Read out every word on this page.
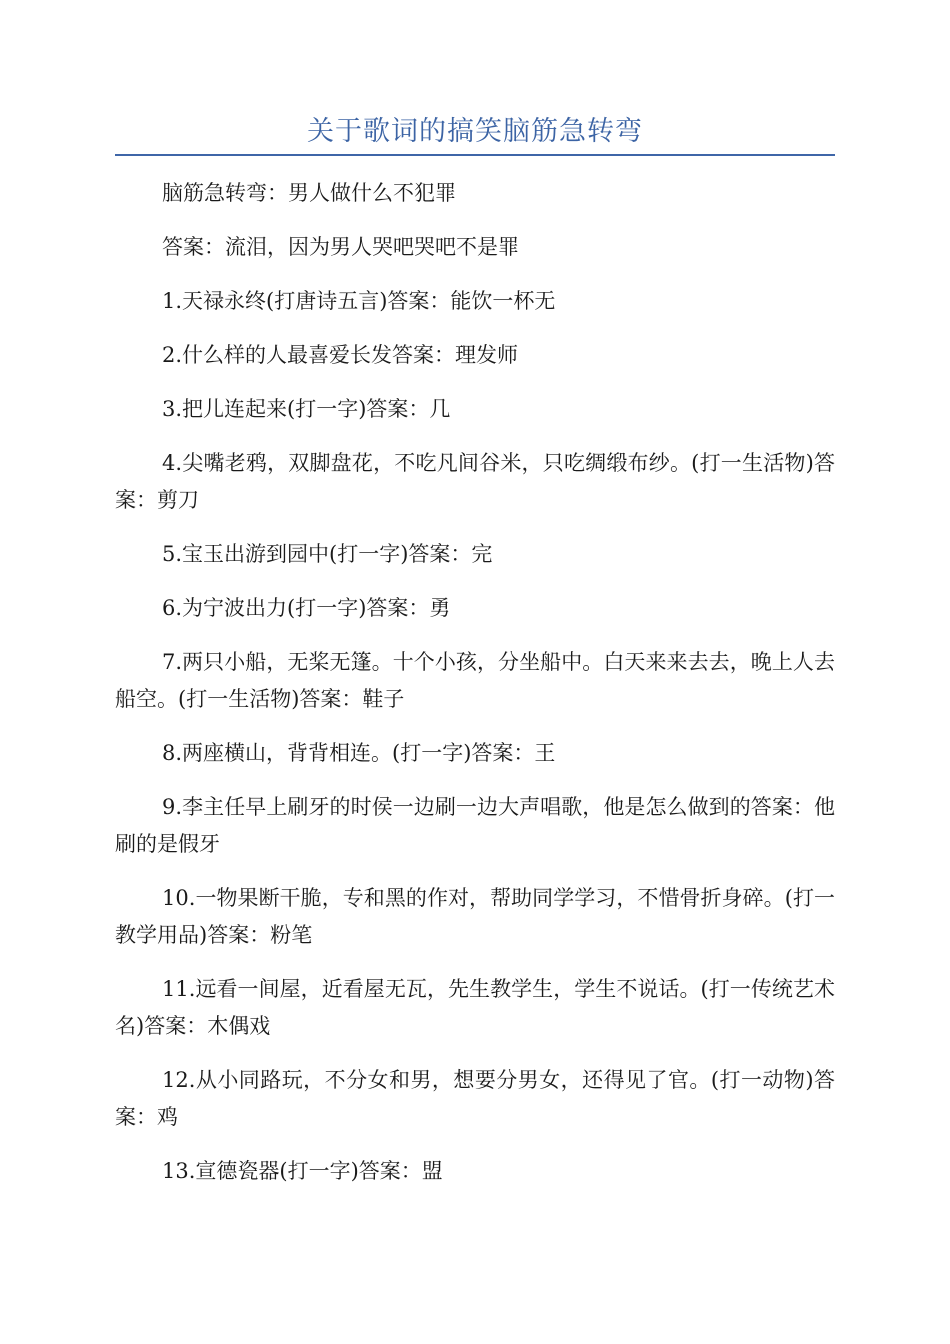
关于歌词的搞笑脑筋急转弯

脑筋急转弯：男人做什么不犯罪

答案：流泪，因为男人哭吧哭吧不是罪

1.天禄永终(打唐诗五言)答案：能饮一杯无

2.什么样的人最喜爱长发答案：理发师

3.把儿连起来(打一字)答案：几

4.尖嘴老鸦，双脚盘花，不吃凡间谷米，只吃绸缎布纱。(打一生活物)答案：剪刀

5.宝玉出游到园中(打一字)答案：完

6.为宁波出力(打一字)答案：勇

7.两只小船，无桨无篷。十个小孩，分坐船中。白天来来去去，晚上人去船空。(打一生活物)答案：鞋子

8.两座横山，背背相连。(打一字)答案：王

9.李主任早上刷牙的时侯一边刷一边大声唱歌，他是怎么做到的答案：他刷的是假牙

10.一物果断干脆，专和黑的作对，帮助同学学习，不惜骨折身碎。(打一教学用品)答案：粉笔

11.远看一间屋，近看屋无瓦，先生教学生，学生不说话。(打一传统艺术名)答案：木偶戏

12.从小同路玩，不分女和男，想要分男女，还得见了官。(打一动物)答案：鸡

13.宣德瓷器(打一字)答案：盟
